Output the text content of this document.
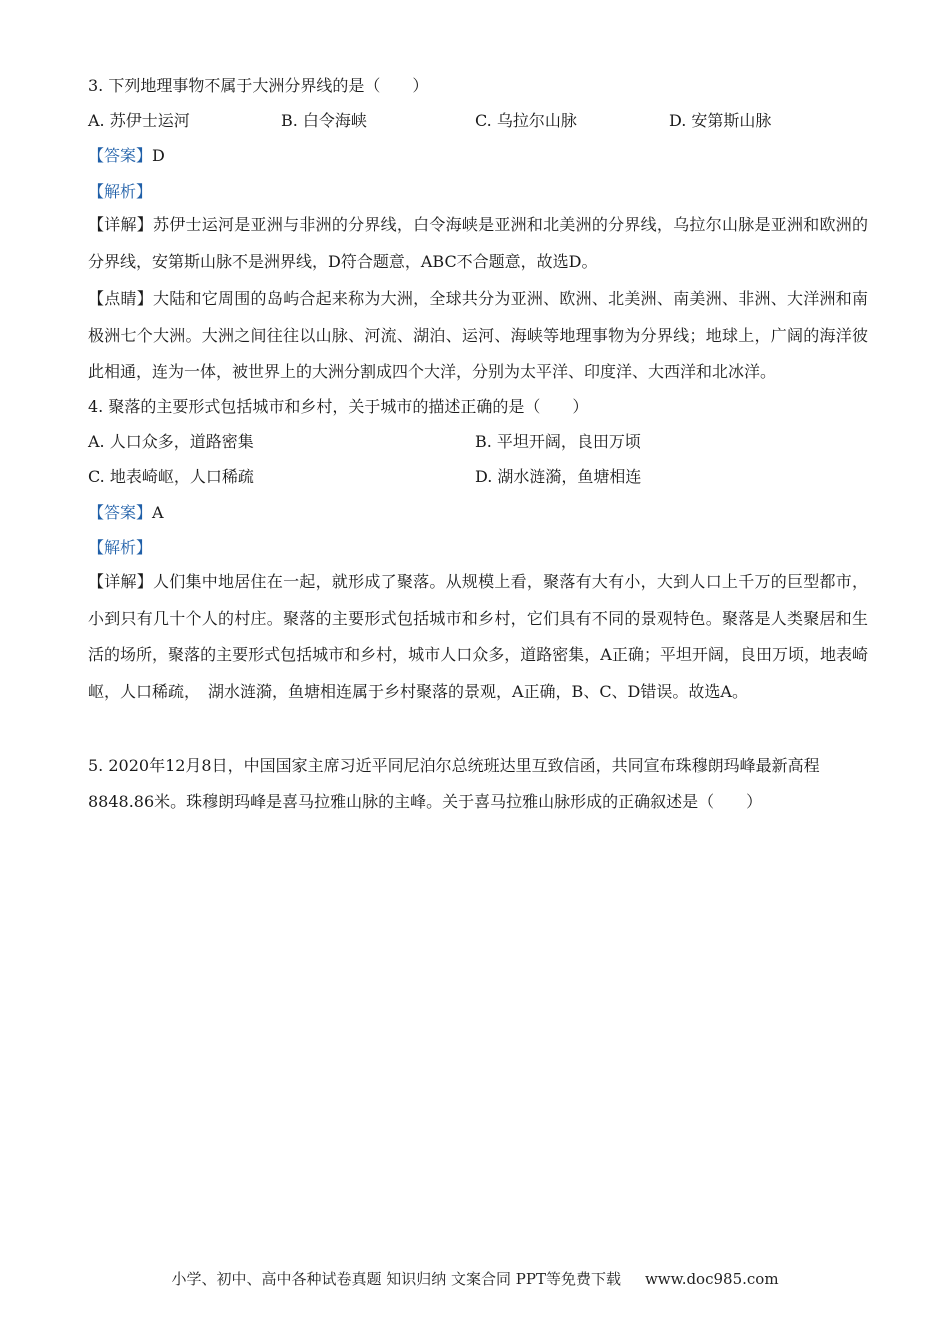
3. 下列地理事物不属于大洲分界线的是（　　）
A. 苏伊士运河	B. 白令海峡	C. 乌拉尔山脉	D. 安第斯山脉
【答案】D
【解析】
【详解】苏伊士运河是亚洲与非洲的分界线，白令海峡是亚洲和北美洲的分界线，乌拉尔山脉是亚洲和欧洲的分界线，安第斯山脉不是洲界线，D符合题意，ABC不合题意，故选D。
【点睛】大陆和它周围的岛屿合起来称为大洲，全球共分为亚洲、欧洲、北美洲、南美洲、非洲、大洋洲和南极洲七个大洲。大洲之间往往以山脉、河流、湖泊、运河、海峡等地理事物为分界线；地球上，广阔的海洋彼此相通，连为一体，被世界上的大洲分割成四个大洋，分别为太平洋、印度洋、大西洋和北冰洋。
4. 聚落的主要形式包括城市和乡村，关于城市的描述正确的是（　　）
A. 人口众多，道路密集	B. 平坦开阔，良田万顷
C. 地表崎岖，人口稀疏	D. 湖水涟漪，鱼塘相连
【答案】A
【解析】
【详解】人们集中地居住在一起，就形成了聚落。从规模上看，聚落有大有小，大到人口上千万的巨型都市，小到只有几十个人的村庄。聚落的主要形式包括城市和乡村，它们具有不同的景观特色。聚落是人类聚居和生活的场所，聚落的主要形式包括城市和乡村，城市人口众多，道路密集，A正确；平坦开阔，良田万顷，地表崎岖，人口稀疏，　湖水涟漪，鱼塘相连属于乡村聚落的景观，A正确，B、C、D错误。故选A。
5. 2020年12月8日，中国国家主席习近平同尼泊尔总统班达里互致信函，共同宣布珠穆朗玛峰最新高程
8848.86米。珠穆朗玛峰是喜马拉雅山脉的主峰。关于喜马拉雅山脉形成的正确叙述是（　　）
小学、初中、高中各种试卷真题 知识归纳 文案合同 PPT等免费下载 www.doc985.com
